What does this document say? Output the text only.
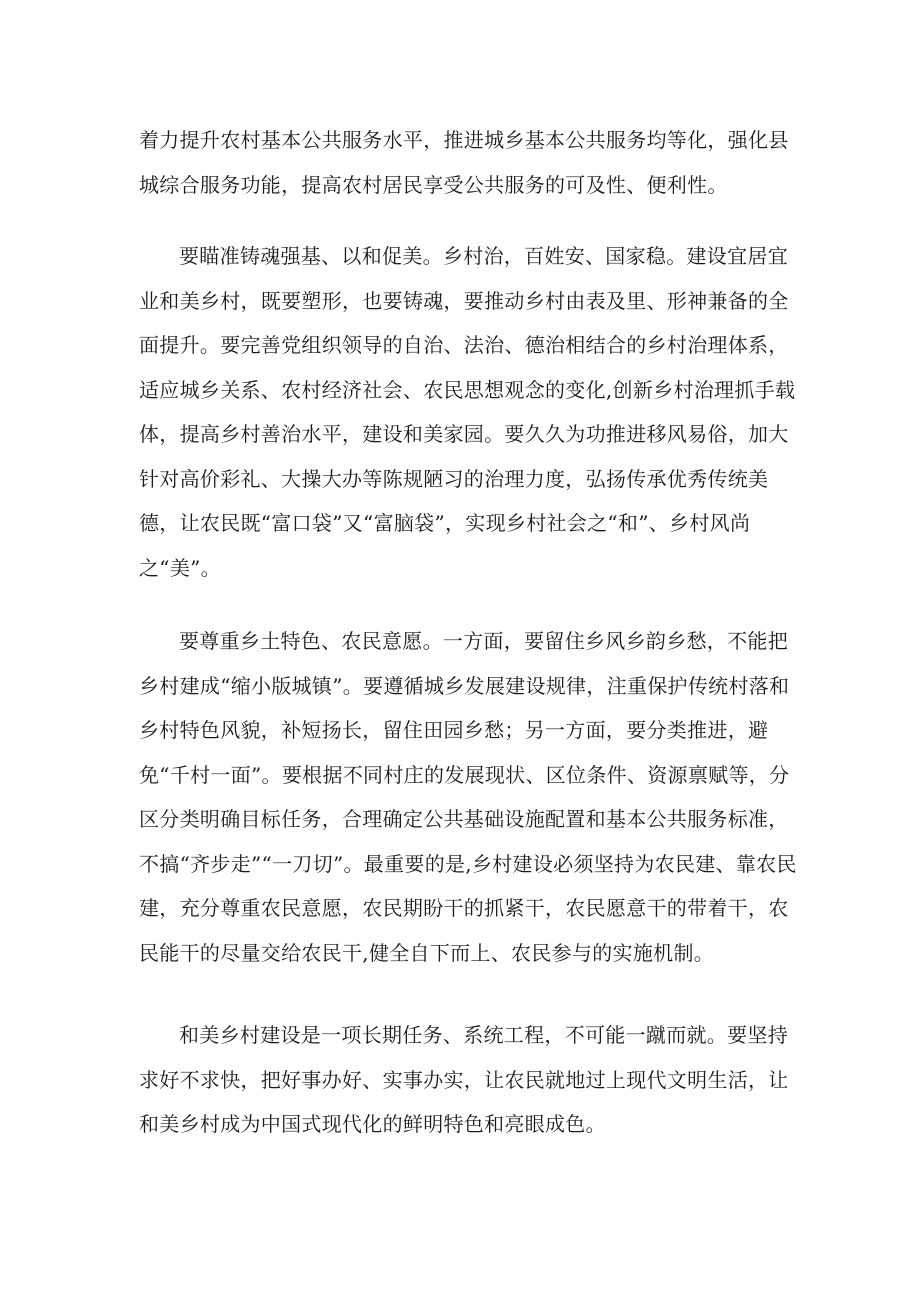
着力提升农村基本公共服务水平，推进城乡基本公共服务均等化，强化县城综合服务功能，提高农村居民享受公共服务的可及性、便利性。

要瞄准铸魂强基、以和促美。乡村治，百姓安、国家稳。建设宜居宜业和美乡村，既要塑形，也要铸魂，要推动乡村由表及里、形神兼备的全面提升。要完善党组织领导的自治、法治、德治相结合的乡村治理体系，适应城乡关系、农村经济社会、农民思想观念的变化,创新乡村治理抓手载体，提高乡村善治水平，建设和美家园。要久久为功推进移风易俗，加大针对高价彩礼、大操大办等陈规陋习的治理力度，弘扬传承优秀传统美德，让农民既“富口袋”又“富脑袋”，实现乡村社会之“和”、乡村风尚之“美”。

要尊重乡土特色、农民意愿。一方面，要留住乡风乡韵乡愁，不能把乡村建成“缩小版城镇”。要遵循城乡发展建设规律，注重保护传统村落和乡村特色风貌，补短扬长，留住田园乡愁；另一方面，要分类推进，避免“千村一面”。要根据不同村庄的发展现状、区位条件、资源禀赋等，分区分类明确目标任务，合理确定公共基础设施配置和基本公共服务标准，不搞“齐步走”“一刀切”。最重要的是,乡村建设必须坚持为农民建、靠农民建，充分尊重农民意愿，农民期盼干的抓紧干，农民愿意干的带着干，农民能干的尽量交给农民干,健全自下而上、农民参与的实施机制。

和美乡村建设是一项长期任务、系统工程，不可能一蹴而就。要坚持求好不求快，把好事办好、实事办实，让农民就地过上现代文明生活，让和美乡村成为中国式现代化的鲜明特色和亮眼成色。
